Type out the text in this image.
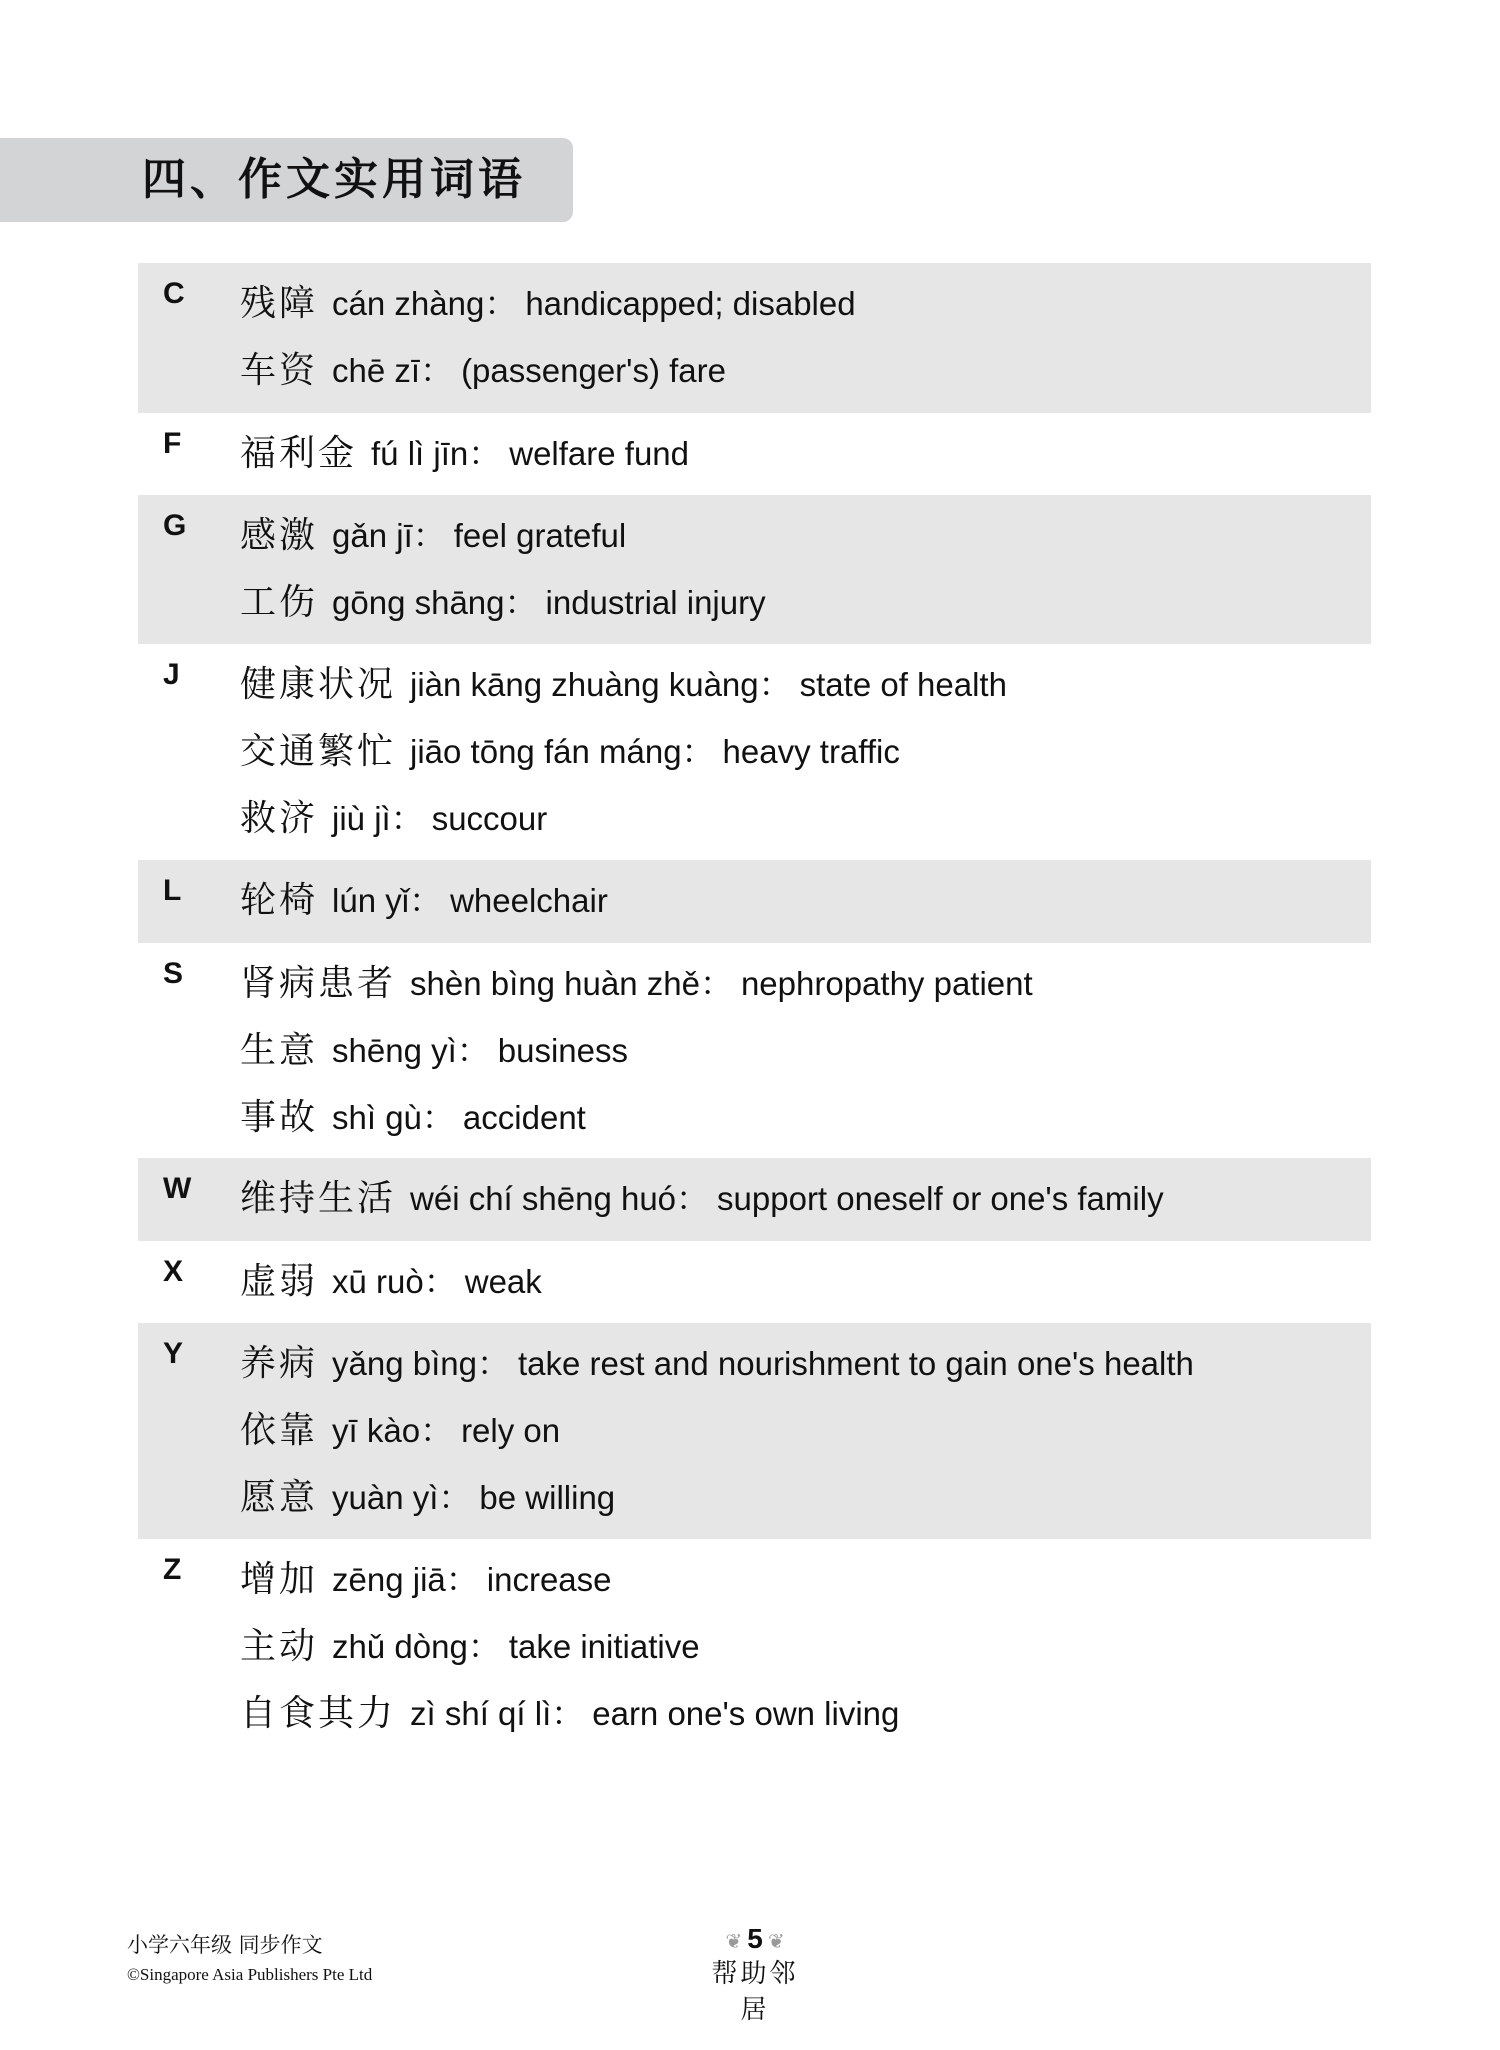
四、作文实用词语
C 残障 cán zhàng： handicapped; disabled
车资 chē zī： (passenger's) fare
F 福利金 fú lì jīn： welfare fund
G 感激 gǎn jī： feel grateful
工伤 gōng shāng： industrial injury
J 健康状况 jiàn kāng zhuàng kuàng： state of health
交通繁忙 jiāo tōng fán máng： heavy traffic
救济 jiù jì： succour
L 轮椅 lún yǐ： wheelchair
S 肾病患者 shèn bìng huàn zhě： nephropathy patient
生意 shēng yì： business
事故 shì gù： accident
W 维持生活 wéi chí shēng huó： support oneself or one's family
X 虚弱 xū ruò： weak
Y 养病 yǎng bìng： take rest and nourishment to gain one's health
依靠 yī kào： rely on
愿意 yuàn yì： be willing
Z 增加 zēng jiā： increase
主动 zhǔ dòng： take initiative
自食其力 zì shí qí lì： earn one's own living
小学六年级 同步作文
©Singapore Asia Publishers Pte Ltd
❦ 5 ❦
帮助邻居
